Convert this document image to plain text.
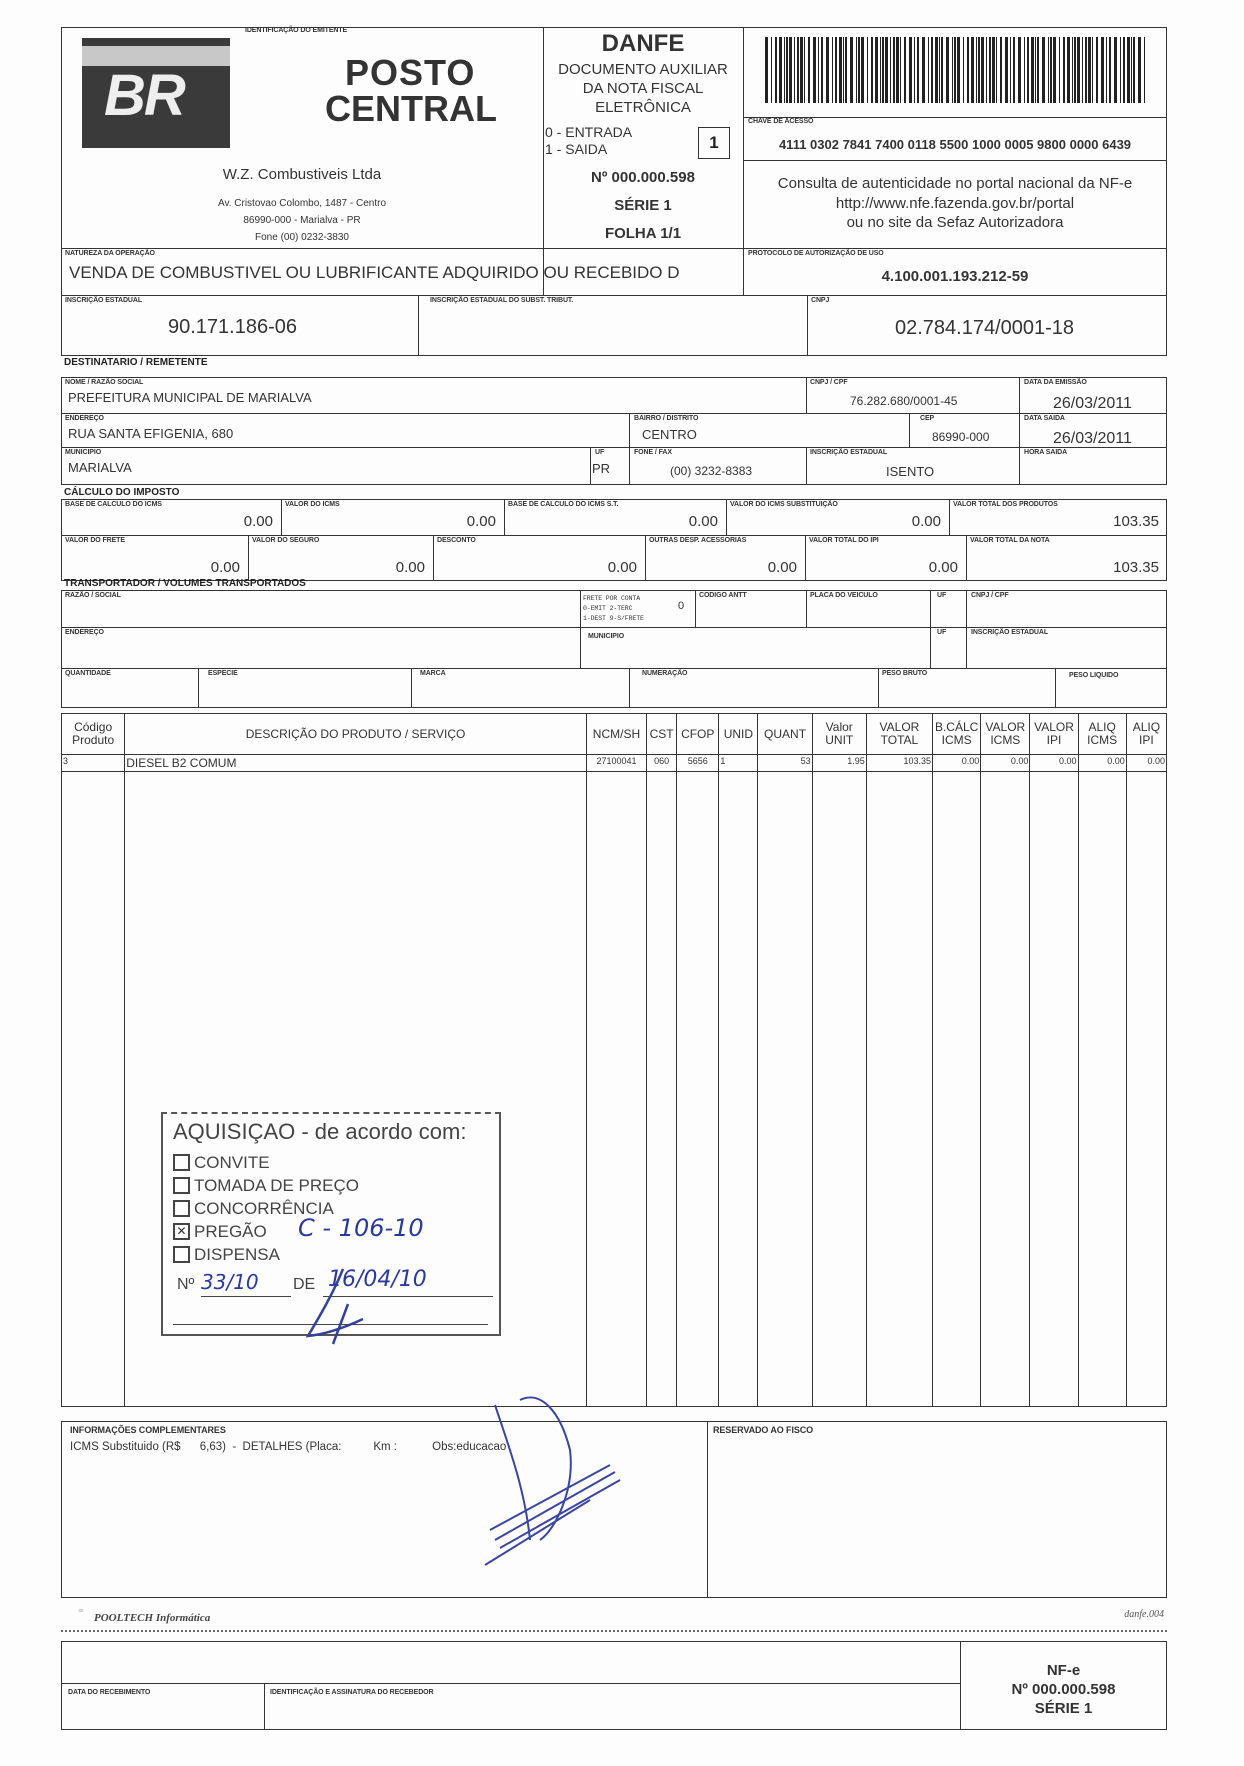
IDENTIFICAÇÃO DO EMITENTE
BR	POSTO
CENTRAL
W.Z. Combustiveis Ltda
Av. Cristovao Colombo, 1487 - Centro
86990-000 - Marialva - PR
Fone (00) 0232-3830
DANFE
DOCUMENTO AUXILIAR
DA NOTA FISCAL
ELETRÔNICA
0 - ENTRADA
1 - SAIDA	1
Nº 000.000.598
SÉRIE 1
FOLHA 1/1
CHAVE DE ACESSO
4111 0302 7841 7400 0118 5500 1000 0005 9800 0000 6439
Consulta de autenticidade no portal nacional da NF-e
http://www.nfe.fazenda.gov.br/portal
ou no site da Sefaz Autorizadora
NATUREZA DA OPERAÇÃO
VENDA DE COMBUSTIVEL OU LUBRIFICANTE ADQUIRIDO OU RECEBIDO D
PROTOCOLO DE AUTORIZAÇÃO DE USO
4.100.001.193.212-59
INSCRIÇÃO ESTADUAL
90.171.186-06
INSCRIÇÃO ESTADUAL DO SUBST. TRIBUT.	CNPJ
02.784.174/0001-18
DESTINATARIO / REMETENTE
NOME / RAZÃO SOCIAL
PREFEITURA MUNICIPAL DE MARIALVA
CNPJ / CPF
76.282.680/0001-45
DATA DA EMISSÃO
26/03/2011
ENDEREÇO
RUA SANTA EFIGENIA, 680
BAIRRO / DISTRITO
CENTRO
CEP
86990-000
DATA SAIDA
26/03/2011
MUNICIPIO
MARIALVA
UF
PR
FONE / FAX
(00) 3232-8383
INSCRIÇÃO ESTADUAL
ISENTO
HORA SAIDA
CÁLCULO DO IMPOSTO
TRANSPORTADOR / VOLUMES TRANSPORTADOS
RAZÃO / SOCIAL	FRETE POR CONTA
0-EMIT 2-TERC
1-DEST 9-S/FRETE
0
CODIGO ANTT	PLACA DO VEICULO	UF	CNPJ / CPF
ENDEREÇO
MUNICIPIO
UF	INSCRIÇÃO ESTADUAL
QUANTIDADE	ESPECIE	MARCA	NUMERAÇÃO	PESO BRUTO	PESO LIQUIDO
Código Produto	DESCRIÇÃO DO PRODUTO / SERVIÇO	NCM/SH	CST	CFOP	UNID	QUANT	Valor UNIT	VALOR TOTAL	B.CÁLC ICMS	VALOR ICMS	VALOR IPI	ALIQ ICMS	ALIQ IPI
3	DIESEL B2 COMUM	27100041	060	5656	1	53	1.95	103.35	0.00	0.00	0.00	0.00	0.00

AQUISIÇAO - de acordo com:
CONVITE
TOMADA DE PREÇO
CONCORRÊNCIA
✕ PREGÃO
DISPENSA
Nº	DE
C - 106-10
33/10	16/04/10
INFORMAÇÕES COMPLEMENTARES
ICMS Substituido (R$      6,63)  -  DETALHES (Placa:          Km :           Obs:educacao
RESERVADO AO FISCO
⁼ POOLTECH Informática	danfe.004
DATA DO RECEBIMENTO	IDENTIFICAÇÃO E ASSINATURA DO RECEBEDOR
NF-e
Nº 000.000.598
SÉRIE 1
BASE DE CALCULO DO ICMS
0.00
VALOR DO ICMS
0.00
BASE DE CALCULO DO ICMS S.T.
0.00
VALOR DO ICMS SUBSTITUIÇÃO
0.00
VALOR TOTAL DOS PRODUTOS
103.35
VALOR DO FRETE
0.00
VALOR DO SEGURO
0.00
DESCONTO
0.00
OUTRAS DESP. ACESSORIAS
0.00
VALOR TOTAL DO IPI
0.00
VALOR TOTAL DA NOTA
103.35
